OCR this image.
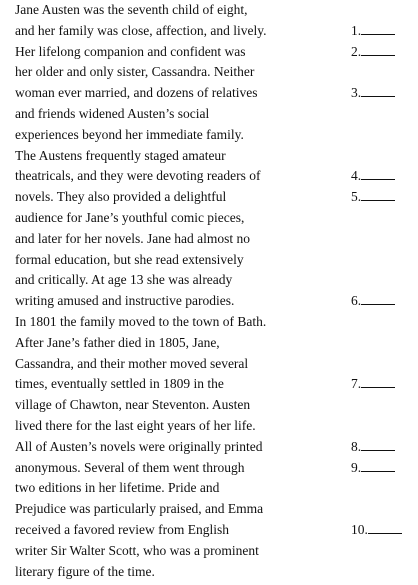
Jane Austen was the seventh child of eight,
and her family was close, affection, and lively.	1.
Her lifelong companion and confident was	2.
her older and only sister, Cassandra. Neither
woman ever married, and dozens of relatives	3.
and friends widened Austen’s social
experiences beyond her immediate family.
The Austens frequently staged amateur
theatricals, and they were devoting readers of	4.
novels. They also provided a delightful	5.
audience for Jane’s youthful comic pieces,
and later for her novels. Jane had almost no
formal education, but she read extensively
and critically. At age 13 she was already
writing amused and instructive parodies.	6.
In 1801 the family moved to the town of Bath.
After Jane’s father died in 1805, Jane,
Cassandra, and their mother moved several
times, eventually settled in 1809 in the	7.
village of Chawton, near Steventon. Austen
lived there for the last eight years of her life.
All of Austen’s novels were originally printed	8.
anonymous. Several of them went through	9.
two editions in her lifetime. Pride and
Prejudice was particularly praised, and Emma
received a favored review from English	10.
writer Sir Walter Scott, who was a prominent
literary figure of the time.
